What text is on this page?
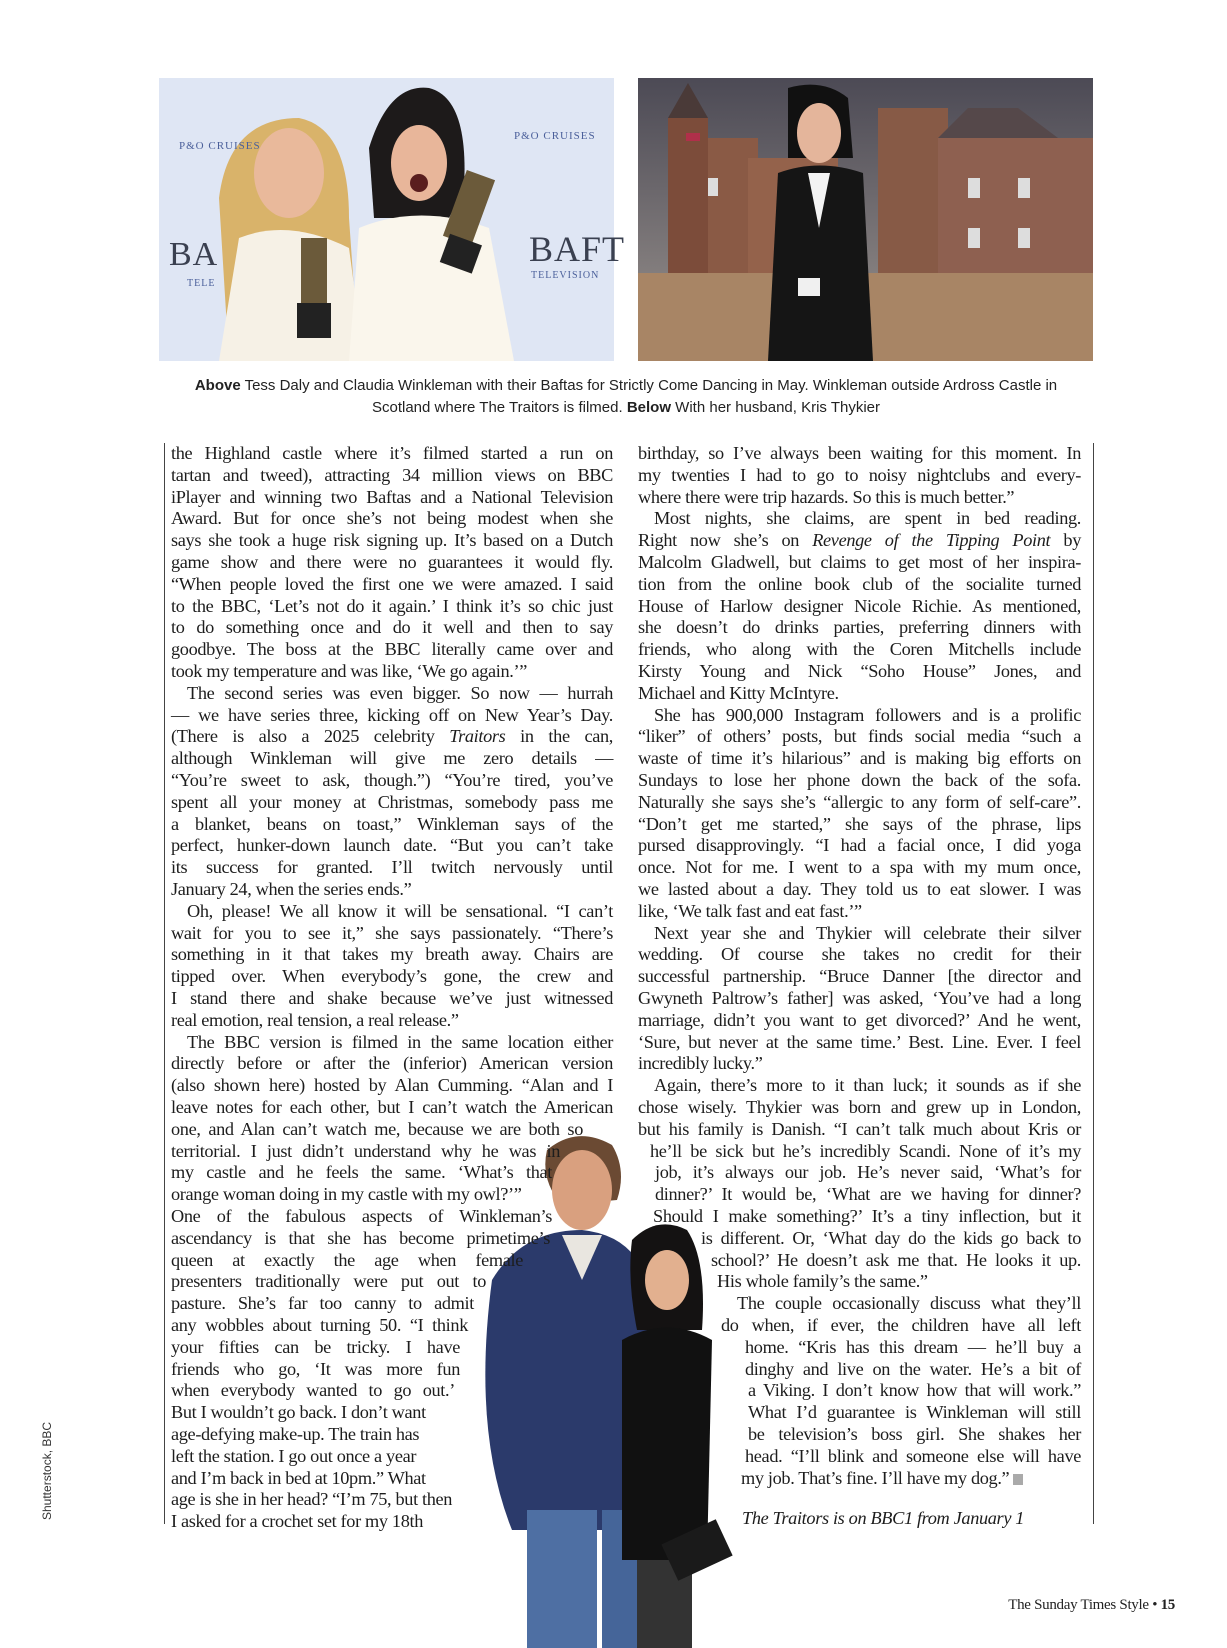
P&O CRUISES
P&O CRUISES
BA	BAFT
TELE
TELEVISION
Above Tess Daly and Claudia Winkleman with their Baftas for Strictly Come Dancing in May. Winkleman outside Ardross Castle in Scotland where The Traitors is filmed. Below With her husband, Kris Thykier
the Highland castle where it’s filmed started a run on
tartan and tweed), attracting 34 million views on BBC
iPlayer and winning two Baftas and a National Television
Award. But for once she’s not being modest when she
says she took a huge risk signing up. It’s based on a Dutch
game show and there were no guarantees it would fly.
“When people loved the first one we were amazed. I said
to the BBC, ‘Let’s not do it again.’ I think it’s so chic just
to do something once and do it well and then to say
goodbye. The boss at the BBC literally came over and
took my temperature and was like, ‘We go again.’”
The second series was even bigger. So now — hurrah
— we have series three, kicking off on New Year’s Day.
(There is also a 2025 celebrity Traitors in the can,
although Winkleman will give me zero details —
“You’re sweet to ask, though.”) “You’re tired, you’ve
spent all your money at Christmas, somebody pass me
a blanket, beans on toast,” Winkleman says of the
perfect, hunker-down launch date. “But you can’t take
its success for granted. I’ll twitch nervously until
January 24, when the series ends.”
Oh, please! We all know it will be sensational. “I can’t
wait for you to see it,” she says passionately. “There’s
something in it that takes my breath away. Chairs are
tipped over. When everybody’s gone, the crew and
I stand there and shake because we’ve just witnessed
real emotion, real tension, a real release.”
The BBC version is filmed in the same location either
directly before or after the (inferior) American version
(also shown here) hosted by Alan Cumming. “Alan and I
leave notes for each other, but I can’t watch the American
one, and Alan can’t watch me, because we are both so
territorial. I just didn’t understand why he was in
my castle and he feels the same. ‘What’s that
orange woman doing in my castle with my owl?’”
One of the fabulous aspects of Winkleman’s
ascendancy is that she has become primetime’s
queen at exactly the age when female
presenters traditionally were put out to
pasture. She’s far too canny to admit
any wobbles about turning 50. “I think
your fifties can be tricky. I have
friends who go, ‘It was more fun
when everybody wanted to go out.’
But I wouldn’t go back. I don’t want
age-defying make-up. The train has
left the station. I go out once a year
and I’m back in bed at 10pm.” What
age is she in her head? “I’m 75, but then
I asked for a crochet set for my 18th
birthday, so I’ve always been waiting for this moment. In
my twenties I had to go to noisy nightclubs and every-
where there were trip hazards. So this is much better.”
Most nights, she claims, are spent in bed reading.
Right now she’s on Revenge of the Tipping Point by
Malcolm Gladwell, but claims to get most of her inspira-
tion from the online book club of the socialite turned
House of Harlow designer Nicole Richie. As mentioned,
she doesn’t do drinks parties, preferring dinners with
friends, who along with the Coren Mitchells include
Kirsty Young and Nick “Soho House” Jones, and
Michael and Kitty McIntyre.
She has 900,000 Instagram followers and is a prolific
“liker” of others’ posts, but finds social media “such a
waste of time it’s hilarious” and is making big efforts on
Sundays to lose her phone down the back of the sofa.
Naturally she says she’s “allergic to any form of self-care”.
“Don’t get me started,” she says of the phrase, lips
pursed disapprovingly. “I had a facial once, I did yoga
once. Not for me. I went to a spa with my mum once,
we lasted about a day. They told us to eat slower. I was
like, ‘We talk fast and eat fast.’”
Next year she and Thykier will celebrate their silver
wedding. Of course she takes no credit for their
successful partnership. “Bruce Danner [the director and
Gwyneth Paltrow’s father] was asked, ‘You’ve had a long
marriage, didn’t you want to get divorced?’ And he went,
‘Sure, but never at the same time.’ Best. Line. Ever. I feel
incredibly lucky.”
Again, there’s more to it than luck; it sounds as if she
chose wisely. Thykier was born and grew up in London,
but his family is Danish. “I can’t talk much about Kris or
he’ll be sick but he’s incredibly Scandi. None of it’s my
job, it’s always our job. He’s never said, ‘What’s for
dinner?’ It would be, ‘What are we having for dinner?
Should I make something?’ It’s a tiny inflection, but it
is different. Or, ‘What day do the kids go back to
school?’ He doesn’t ask me that. He looks it up.
His whole family’s the same.”
The couple occasionally discuss what they’ll
do when, if ever, the children have all left
home. “Kris has this dream — he’ll buy a
dinghy and live on the water. He’s a bit of
a Viking. I don’t know how that will work.”
What I’d guarantee is Winkleman will still
be television’s boss girl. She shakes her
head. “I’ll blink and someone else will have
my job. That’s fine. I’ll have my dog.”
The Traitors is on BBC1 from January 1
Shutterstock, BBC
The Sunday Times Style • 15
